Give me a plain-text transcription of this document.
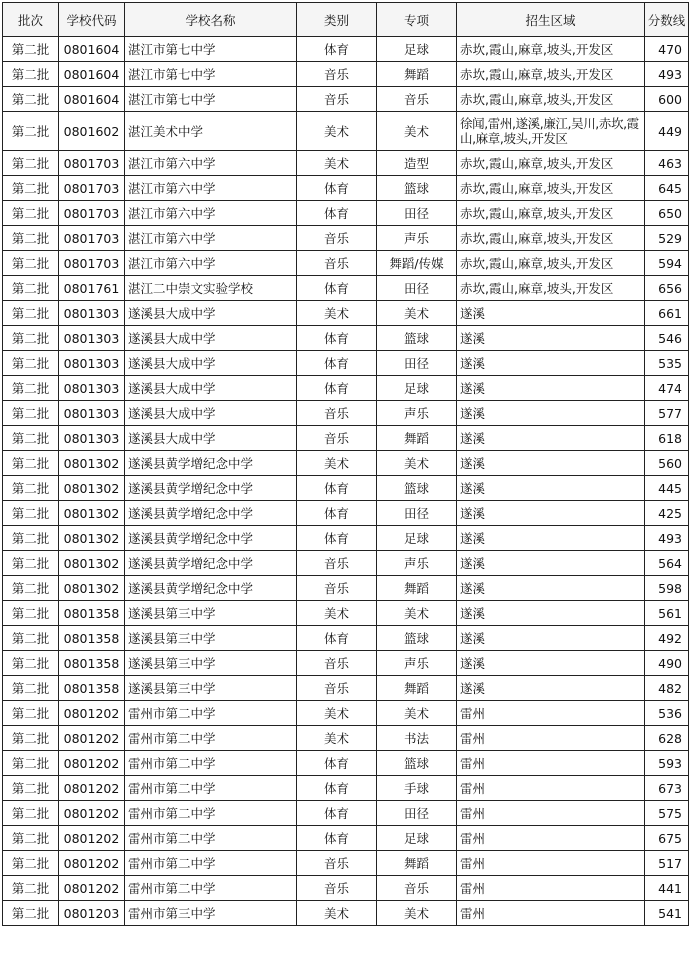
批次	学校代码	学校名称	类别	专项	招生区域	分数线
第二批	0801604	湛江市第七中学	体育	足球	赤坎,霞山,麻章,坡头,开发区	470
第二批	0801604	湛江市第七中学	音乐	舞蹈	赤坎,霞山,麻章,坡头,开发区	493
第二批	0801604	湛江市第七中学	音乐	音乐	赤坎,霞山,麻章,坡头,开发区	600
第二批	0801602	湛江美术中学	美术	美术	徐闻,雷州,遂溪,廉江,吴川,赤坎,霞山,麻章,坡头,开发区	449
第二批	0801703	湛江市第六中学	美术	造型	赤坎,霞山,麻章,坡头,开发区	463
第二批	0801703	湛江市第六中学	体育	篮球	赤坎,霞山,麻章,坡头,开发区	645
第二批	0801703	湛江市第六中学	体育	田径	赤坎,霞山,麻章,坡头,开发区	650
第二批	0801703	湛江市第六中学	音乐	声乐	赤坎,霞山,麻章,坡头,开发区	529
第二批	0801703	湛江市第六中学	音乐	舞蹈/传媒	赤坎,霞山,麻章,坡头,开发区	594
第二批	0801761	湛江二中崇文实验学校	体育	田径	赤坎,霞山,麻章,坡头,开发区	656
第二批	0801303	遂溪县大成中学	美术	美术	遂溪	661
第二批	0801303	遂溪县大成中学	体育	篮球	遂溪	546
第二批	0801303	遂溪县大成中学	体育	田径	遂溪	535
第二批	0801303	遂溪县大成中学	体育	足球	遂溪	474
第二批	0801303	遂溪县大成中学	音乐	声乐	遂溪	577
第二批	0801303	遂溪县大成中学	音乐	舞蹈	遂溪	618
第二批	0801302	遂溪县黄学增纪念中学	美术	美术	遂溪	560
第二批	0801302	遂溪县黄学增纪念中学	体育	篮球	遂溪	445
第二批	0801302	遂溪县黄学增纪念中学	体育	田径	遂溪	425
第二批	0801302	遂溪县黄学增纪念中学	体育	足球	遂溪	493
第二批	0801302	遂溪县黄学增纪念中学	音乐	声乐	遂溪	564
第二批	0801302	遂溪县黄学增纪念中学	音乐	舞蹈	遂溪	598
第二批	0801358	遂溪县第三中学	美术	美术	遂溪	561
第二批	0801358	遂溪县第三中学	体育	篮球	遂溪	492
第二批	0801358	遂溪县第三中学	音乐	声乐	遂溪	490
第二批	0801358	遂溪县第三中学	音乐	舞蹈	遂溪	482
第二批	0801202	雷州市第二中学	美术	美术	雷州	536
第二批	0801202	雷州市第二中学	美术	书法	雷州	628
第二批	0801202	雷州市第二中学	体育	篮球	雷州	593
第二批	0801202	雷州市第二中学	体育	手球	雷州	673
第二批	0801202	雷州市第二中学	体育	田径	雷州	575
第二批	0801202	雷州市第二中学	体育	足球	雷州	675
第二批	0801202	雷州市第二中学	音乐	舞蹈	雷州	517
第二批	0801202	雷州市第二中学	音乐	音乐	雷州	441
第二批	0801203	雷州市第三中学	美术	美术	雷州	541
